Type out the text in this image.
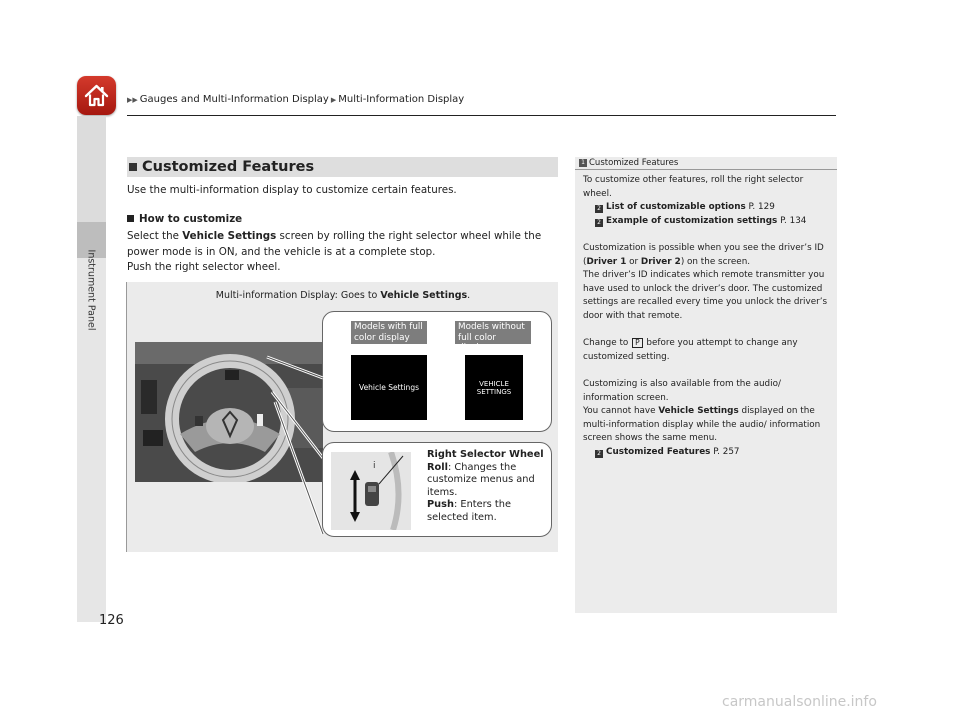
▶▶ Gauges and Multi-Information Display ▶ Multi-Information Display
Instrument Panel
Customized Features
Use the multi-information display to customize certain features.
How to customize
Select the Vehicle Settings screen by rolling the right selector wheel while the
power mode is in ON, and the vehicle is at a complete stop.
Push the right selector wheel.
Multi-information Display: Goes to Vehicle Settings.
Models with full color display
Models without full color display
Vehicle Settings	VEHICLE SETTINGS
i
Right Selector Wheel Roll: Changes the customize menus and items.
Push: Enters the selected item.
1 Customized Features

To customize other features, roll the right selector wheel.

2 List of customizable options P. 129

2 Example of customization settings P. 134

Customization is possible when you see the driver’s ID (Driver 1 or Driver 2) on the screen.

The driver’s ID indicates which remote transmitter you have used to unlock the driver’s door. The customized settings are recalled every time you unlock the driver’s door with that remote.

Change to P before you attempt to change any customized setting.

Customizing is also available from the audio/ information screen.

You cannot have Vehicle Settings displayed on the multi-information display while the audio/ information screen shows the same menu.

2 Customized Features P. 257

126
carmanualsonline.info
